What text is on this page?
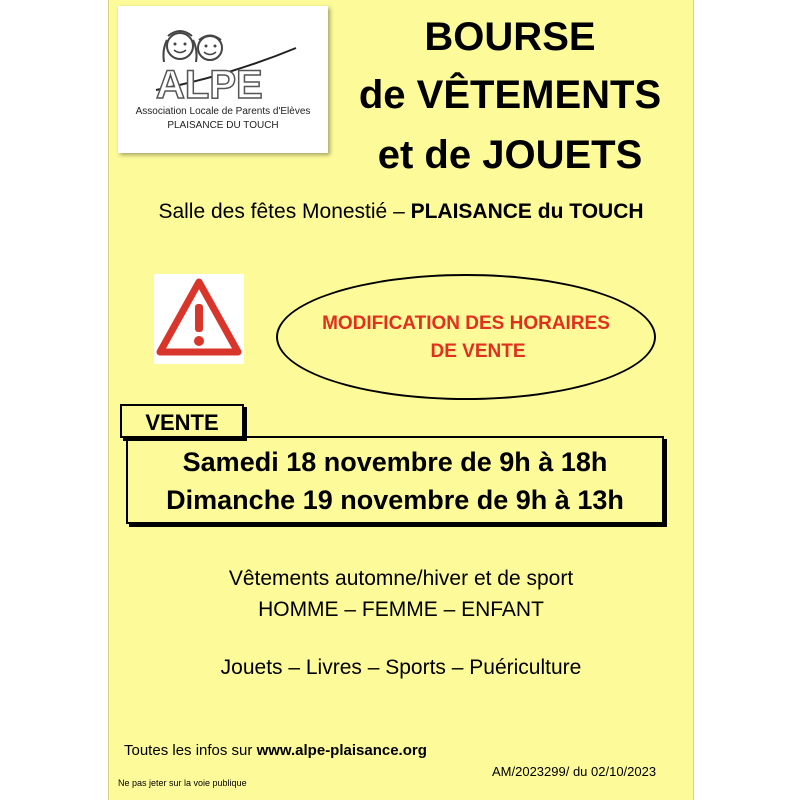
ALPE
Association Locale de Parents d'Elèves
PLAISANCE DU TOUCH
BOURSE
de VÊTEMENTS
et de JOUETS
Salle des fêtes Monestié – PLAISANCE du TOUCH
MODIFICATION DES HORAIRES
DE VENTE
Samedi 18 novembre de 9h à 18h
Dimanche 19 novembre de 9h à 13h
VENTE
Vêtements automne/hiver et de sport
HOMME – FEMME – ENFANT
Jouets – Livres – Sports – Puériculture
Toutes les infos sur www.alpe-plaisance.org
Ne pas jeter sur la voie publique
AM/2023299/ du 02/10/2023
